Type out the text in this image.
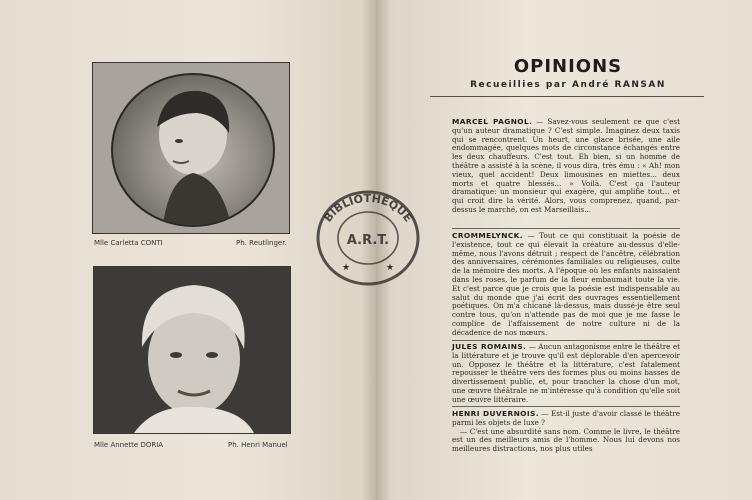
Mlle Carletta CONTI	Ph. Reutlinger.
Mlle Annette DORIA	Ph. Henri Manuel
OPINIONS
Recueillies par André RANSAN

MARCEL PAGNOL. — Savez-vous seulement ce que c'est qu'un auteur dramatique ? C'est simple. Imaginez deux taxis qui se rencontrent. Un heurt, une glace brisée, une aile endommagée, quelques mots de circonstance échangés entre les deux chauffeurs. C'est tout. Eh bien, si un homme de théâtre a assisté à la scène, il vous dira, très ému : « Ah! mon vieux, quel accident! Deux limousines en miettes... deux morts et quatre blessés... » Voilà. C'est ça l'auteur dramatique: un monsieur qui exagère, qui amplifie tout... et qui croit dire la vérité. Alors, vous comprenez, quand, par-dessus le marché, on est Marseillais...

CROMMELYNCK. — Tout ce qui constituait la poésie de l'existence, tout ce qui élevait la créature au-dessus d'elle-même, nous l'avons détruit ; respect de l'ancêtre, célébration des anniversaires, cérémonies familiales ou religieuses, culte de la mémoire des morts. A l'époque où les enfants naissaient dans les roses, le parfum de la fleur embaumait toute la vie. Et c'est parce que je crois que la poésie est indispensable au salut du monde que j'ai écrit des ouvrages essentiellement poétiques. On m'a chicané là-dessus, mais dussé-je être seul contre tous, qu'on n'attende pas de moi que je me fasse le complice de l'affaissement de notre culture ni de la décadence de nos mœurs.

JULES ROMAINS. — Aucun antagonisme entre le théâtre et la littérature et je trouve qu'il est déplorable d'en apercevoir un. Opposez le théâtre et la littérature, c'est fatalement repousser le théâtre vers des formes plus ou moins basses de divertissement public, et, pour trancher la chose d'un mot, une œuvre théâtrale ne m'intéresse qu'à condition qu'elle soit une œuvre littéraire.

HENRI DUVERNOIS. — Est-il juste d'avoir classé le théâtre parmi les objets de luxe ?

— C'est une absurdité sans nom. Comme le livre, le théâtre est un des meilleurs amis de l'homme. Nous lui devons nos meilleures distractions, nos plus utiles

BIBLIOTHÈQUE
A.R.T.
★	★
